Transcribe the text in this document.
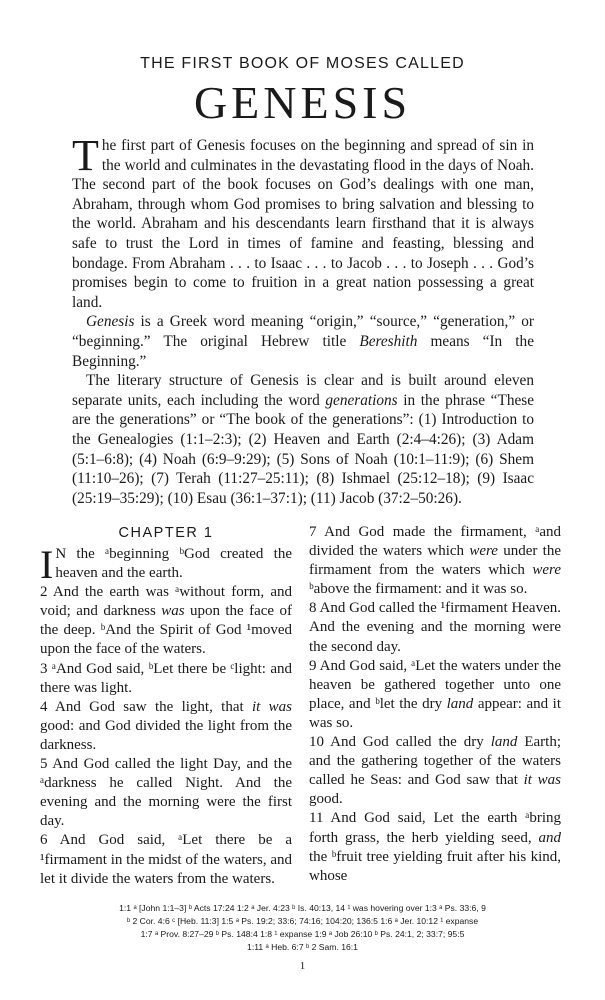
THE FIRST BOOK OF MOSES CALLED
GENESIS

The first part of Genesis focuses on the beginning and spread of sin in the world and culminates in the devastating flood in the days of Noah. The second part of the book focuses on God’s dealings with one man, Abraham, through whom God promises to bring salvation and blessing to the world. Abraham and his descendants learn firsthand that it is always safe to trust the Lord in times of famine and feasting, blessing and bondage. From Abraham . . . to Isaac . . . to Jacob . . . to Joseph . . . God’s promises begin to come to fruition in a great nation possessing a great land.

Genesis is a Greek word meaning “origin,” “source,” “generation,” or “beginning.” The original Hebrew title Bereshith means “In the Beginning.”

The literary structure of Genesis is clear and is built around eleven separate units, each including the word generations in the phrase “These are the generations” or “The book of the generations”: (1) Introduction to the Genealogies (1:1–2:3); (2) Heaven and Earth (2:4–4:26); (3) Adam (5:1–6:8); (4) Noah (6:9–9:29); (5) Sons of Noah (10:1–11:9); (6) Shem (11:10–26); (7) Terah (11:27–25:11); (8) Ishmael (25:12–18); (9) Isaac (25:19–35:29); (10) Esau (36:1–37:1); (11) Jacob (37:2–50:26).

CHAPTER 1

I N the ᵃbeginning ᵇGod created the heaven and the earth.

2 And the earth was ᵃwithout form, and void; and darkness was upon the face of the deep. ᵇAnd the Spirit of God ¹moved upon the face of the waters.

3 ᵃAnd God said, ᵇLet there be ᶜlight: and there was light.

4 And God saw the light, that it was good: and God divided the light from the darkness.

5 And God called the light Day, and the ᵃdarkness he called Night. And the evening and the morning were the first day.

6 And God said, ᵃLet there be a ¹firmament in the midst of the waters, and let it divide the waters from the waters.

7 And God made the firmament, ᵃand divided the waters which were under the firmament from the waters which were ᵇabove the firmament: and it was so.

8 And God called the ¹firmament Heaven. And the evening and the morning were the second day.

9 And God said, ᵃLet the waters under the heaven be gathered together unto one place, and ᵇlet the dry land appear: and it was so.

10 And God called the dry land Earth; and the gathering together of the waters called he Seas: and God saw that it was good.

11 And God said, Let the earth ᵃbring forth grass, the herb yielding seed, and the ᵇfruit tree yielding fruit after his kind, whose

1:1 ᵃ [John 1:1–3] ᵇ Acts 17:24 1:2 ᵃ Jer. 4:23 ᵇ Is. 40:13, 14 ¹ was hovering over 1:3 ᵃ Ps. 33:6, 9
ᵇ 2 Cor. 4:6 ᶜ [Heb. 11:3] 1:5 ᵃ Ps. 19:2; 33:6; 74:16; 104:20; 136:5 1:6 ᵃ Jer. 10:12 ¹ expanse
1:7 ᵃ Prov. 8:27–29 ᵇ Ps. 148:4 1:8 ¹ expanse 1:9 ᵃ Job 26:10 ᵇ Ps. 24:1, 2; 33:7; 95:5
1:11 ᵃ Heb. 6:7 ᵇ 2 Sam. 16:1
1
